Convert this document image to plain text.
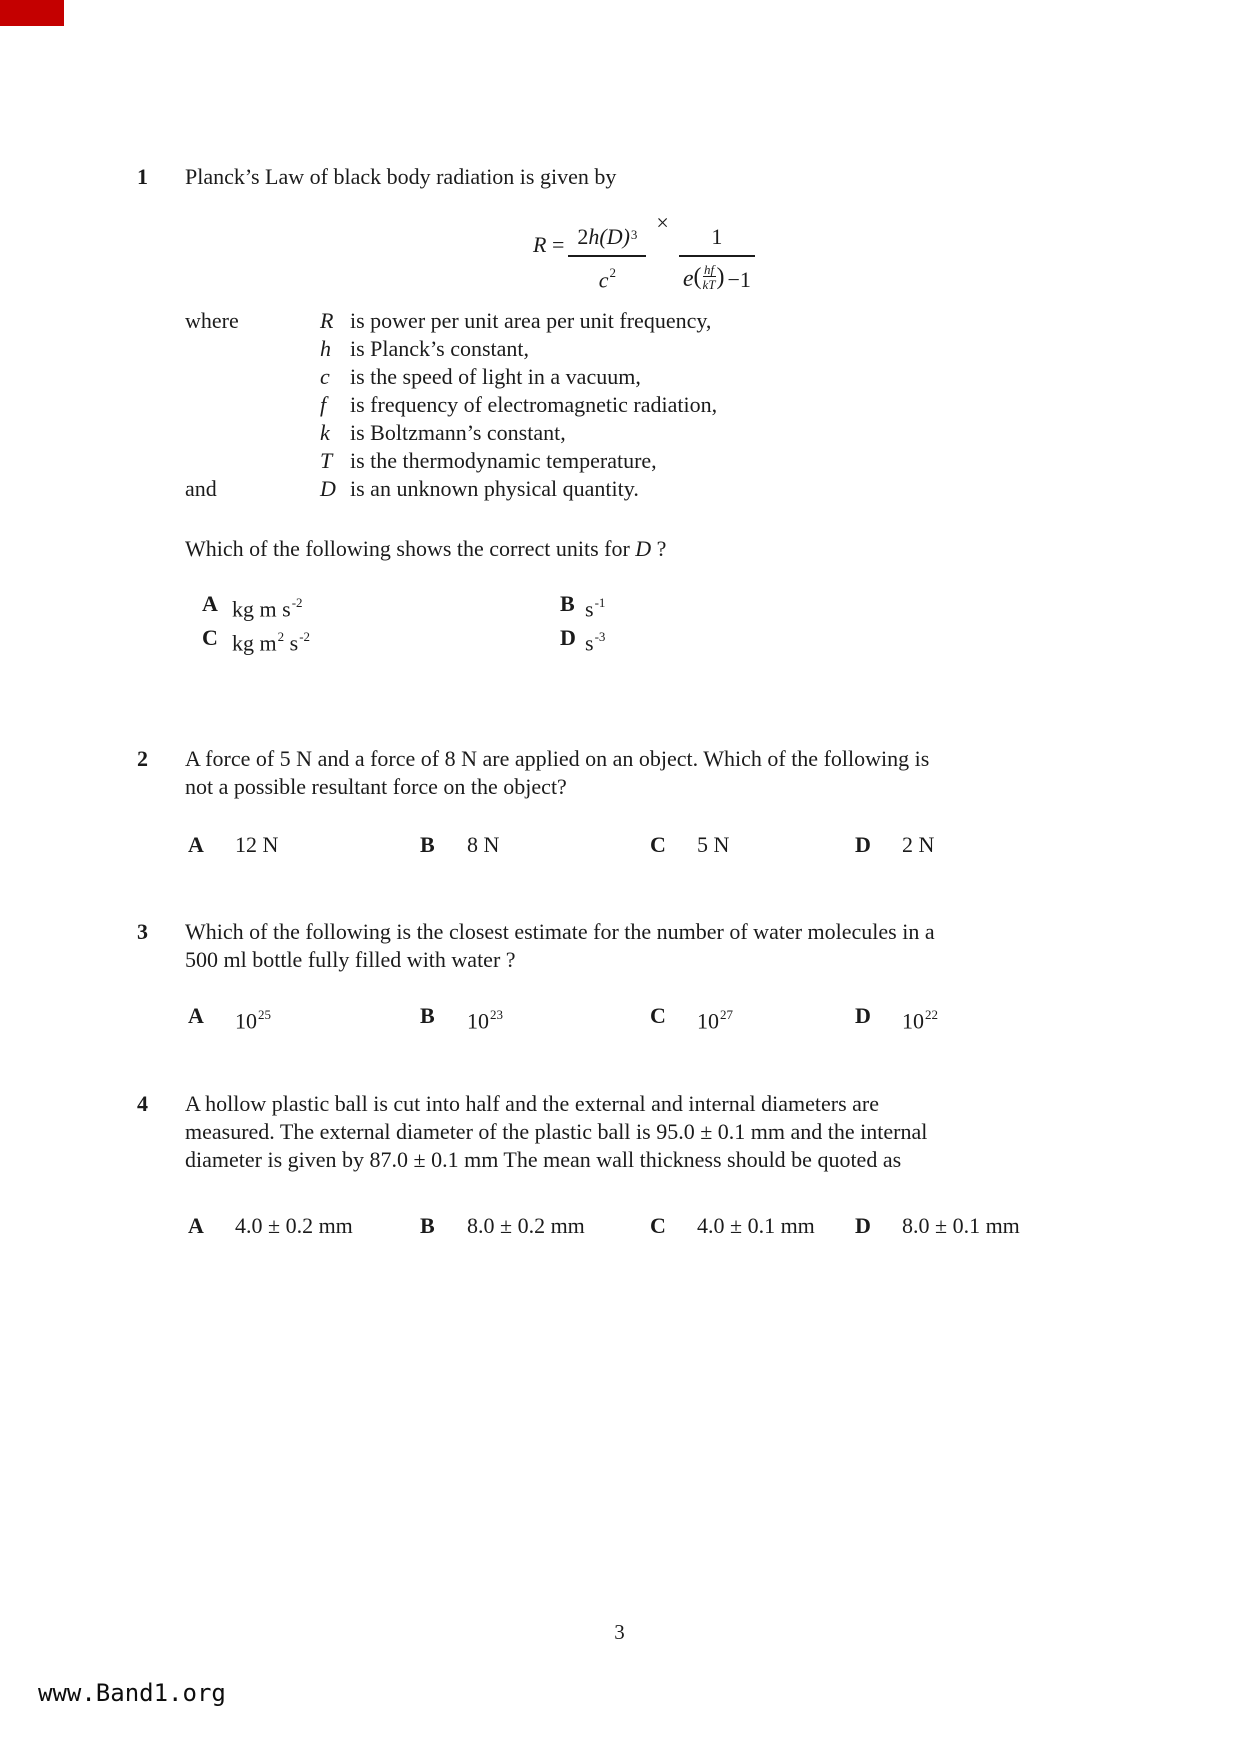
1	Planck’s Law of black body radiation is given by
$R = \frac{2 h(D)^3}{c^2}$ ×
1
e ( hf
kT ) −1
where	R is power per unit area per unit frequency,
h is Planck’s constant,
c is the speed of light in a vacuum,
f	is frequency of electromagnetic radiation,
k is Boltzmann’s constant,
T is the thermodynamic temperature,
and	D is an unknown physical quantity.
Which of the following shows the correct units for D ?
A kg m $s^{-2}$	B $s^{-1}$
C kg $m^2$ $s^{-2}$	D $s^{-3}$
2	A force of 5 N and a force of 8 N are applied on an object. Which of the following is
not a possible resultant force on the object?
A 12 N	B 8 N	C 5 N	D 2 N
3	Which of the following is the closest estimate for the number of water molecules in a
500 ml bottle fully filled with water ?
A $10^{25}$	B $10^{23}$	C $10^{27}$	D $10^{22}$
4	A hollow plastic ball is cut into half and the external and internal diameters are
measured. The external diameter of the plastic ball is 95.0 ± 0.1 mm and the internal
diameter is given by 87.0 ± 0.1 mm The mean wall thickness should be quoted as
A 4.0 ± 0.2 mm	B 8.0 ± 0.2 mm	C 4.0 ± 0.1 mm D 8.0 ± 0.1 mm
3
www.Band1.org
